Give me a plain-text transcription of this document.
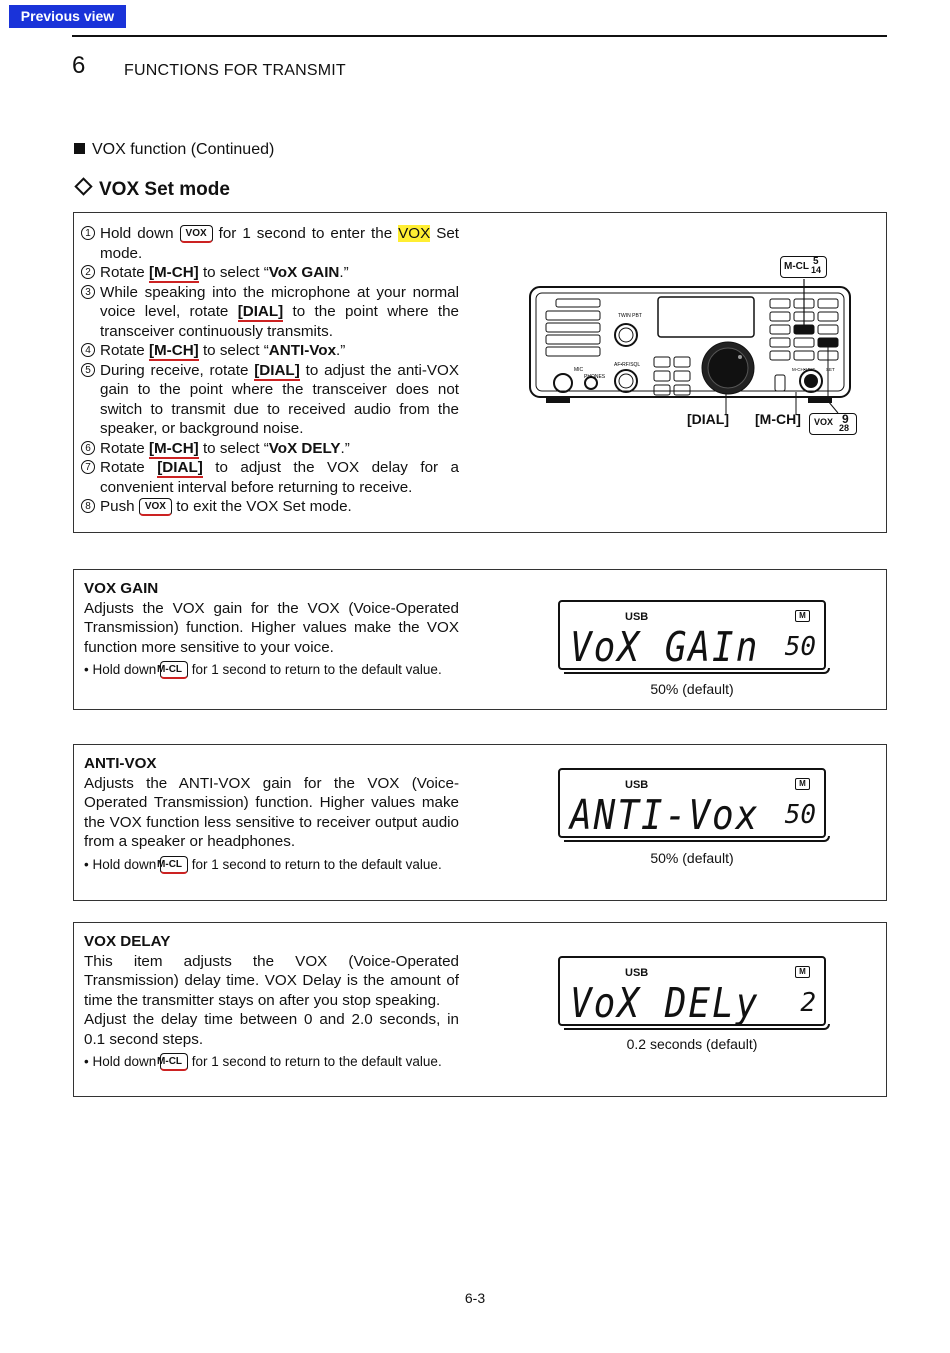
Previous view
6 FUNCTIONS FOR TRANSMIT
VOX function (Continued)
VOX Set mode
1 Hold down VOX for 1 second to enter the VOX Set mode.
2 Rotate [M-CH] to select “VoX GAIN.”
3 While speaking into the microphone at your normal voice level, rotate [DIAL] to the point where the transceiver continuously transmits.
4 Rotate [M-CH] to select “ANTI-Vox.”
5 During receive, rotate [DIAL] to adjust the anti-VOX gain to the point where the transceiver does not switch to transmit due to received audio from the speaker, or background noise.
6 Rotate [M-CH] to select “VoX DELY.”
7 Rotate [DIAL] to adjust the VOX delay for a convenient interval before returning to receive.
8 Push VOX to exit the VOX Set mode.
TWIN PBT
AF•RF/SQL
MIC
PHONES
M-CH•MNF SET
M-CL 5
14
[DIAL] [M-CH] VOX 9
28
VOX GAIN

Adjusts the VOX gain for the VOX (Voice-Operated Transmission) function. Higher values make the VOX function more sensitive to your voice.

• Hold down M-CL for 1 second to return to the default value.
USB	M
VoX GAIn 50
50% (default)
ANTI-VOX

Adjusts the ANTI-VOX gain for the VOX (Voice-Operated Transmission) function. Higher values make the VOX function less sensitive to receiver output audio from a speaker or headphones.

• Hold down M-CL for 1 second to return to the default value.
USB	M
ANTI-Vox 50
50% (default)
VOX DELAY

This item adjusts the VOX (Voice-Operated Transmission) delay time. VOX Delay is the amount of time the transmitter stays on after you stop speaking.

Adjust the delay time between 0 and 2.0 seconds, in 0.1 second steps.

• Hold down M-CL for 1 second to return to the default value.
USB	M
VoX DELy 2
0.2 seconds (default)
6-3
